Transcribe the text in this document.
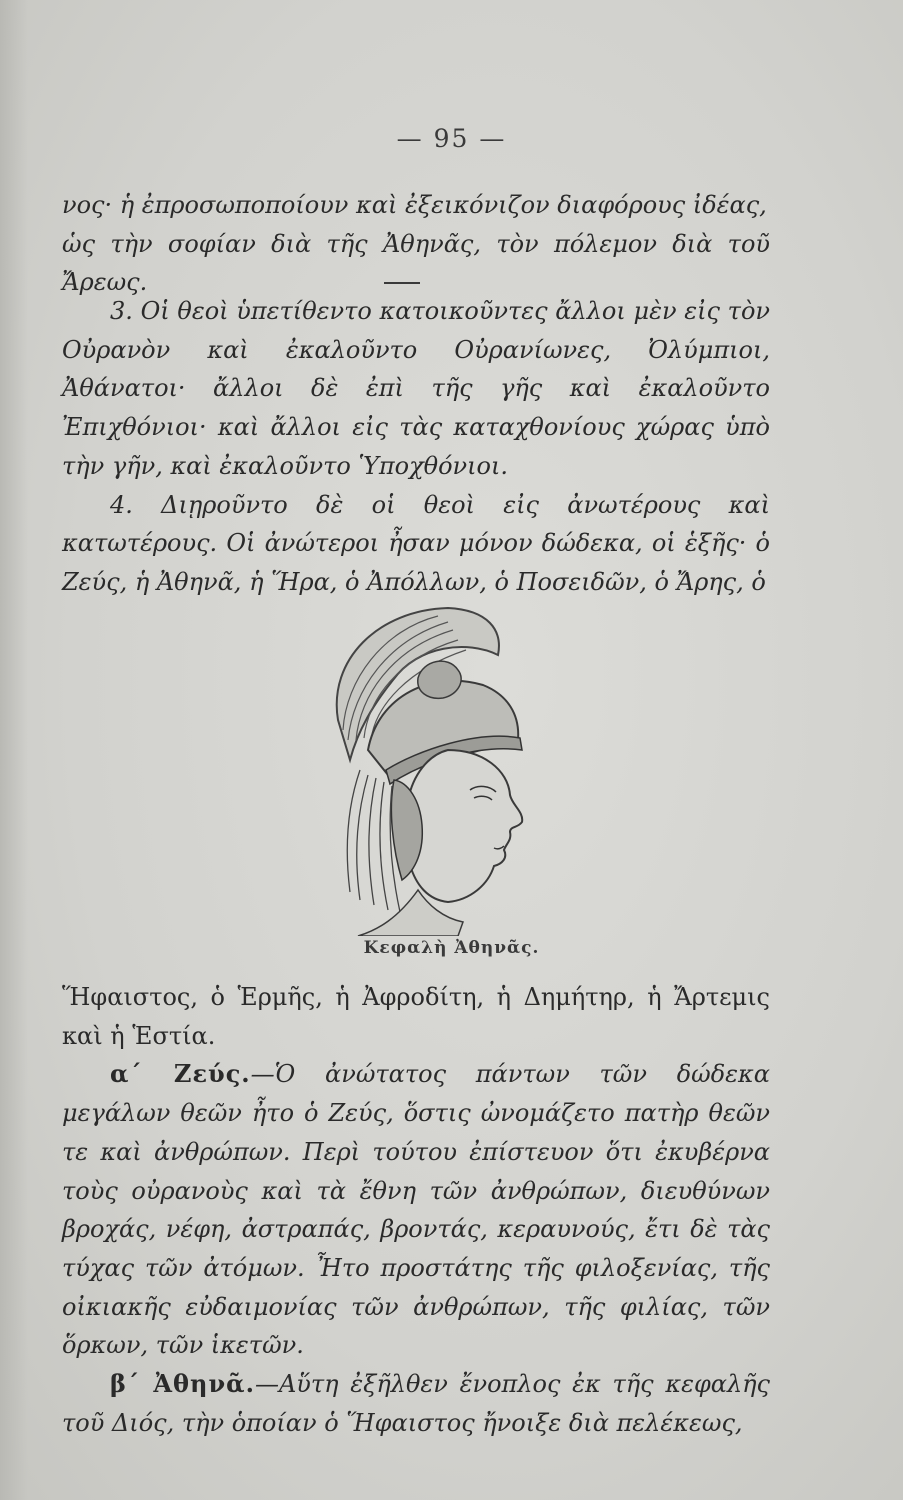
— 95 —

νος· ἡ ἐπροσωποποίουν καὶ ἐξεικόνιζον διαφόρους ἰδέας,

ὡς τὴν σοφίαν διὰ τῆς Ἀθηνᾶς, τὸν πόλεμον διὰ τοῦ Ἄρεως.

3. Οἱ θεοὶ ὑπετίθεντο κατοικοῦντες ἄλλοι μὲν εἰς τὸν Οὐρανὸν καὶ ἐκαλοῦντο Οὐρανίωνες, Ὀλύμπιοι, Ἀθάνατοι· ἄλλοι δὲ ἐπὶ τῆς γῆς καὶ ἐκαλοῦντο Ἐπιχθόνιοι· καὶ ἄλλοι εἰς τὰς καταχθονίους χώρας ὑπὸ τὴν γῆν, καὶ ἐκαλοῦντο Ὑποχθόνιοι.

4. Διῃροῦντο δὲ οἱ θεοὶ εἰς ἀνωτέρους καὶ κατωτέρους. Οἱ ἀνώτεροι ἦσαν μόνον δώδεκα, οἱ ἑξῆς· ὁ Ζεύς, ἡ Ἀθηνᾶ, ἡ Ἥρα, ὁ Ἀπόλλων, ὁ Ποσειδῶν, ὁ Ἄρης, ὁ

Κεφαλὴ Ἀθηνᾶς.

Ἥφαιστος, ὁ Ἑρμῆς, ἡ Ἀφροδίτη, ἡ Δημήτηρ, ἡ Ἄρτεμις καὶ ἡ Ἑστία.

α΄ Ζεύς.—Ὁ ἀνώτατος πάντων τῶν δώδεκα μεγάλων θεῶν ἦτο ὁ Ζεύς, ὅστις ὠνομάζετο πατὴρ θεῶν τε καὶ ἀνθρώπων. Περὶ τούτου ἐπίστευον ὅτι ἐκυβέρνα τοὺς οὐρανοὺς καὶ τὰ ἔθνη τῶν ἀνθρώπων, διευθύνων βροχάς, νέφη, ἀστραπάς, βροντάς, κεραυνούς, ἔτι δὲ τὰς τύχας τῶν ἀτόμων. Ἦτο προστάτης τῆς φιλοξενίας, τῆς οἰκιακῆς εὐδαιμονίας τῶν ἀνθρώπων, τῆς φιλίας, τῶν ὅρκων, τῶν ἱκετῶν.

β΄ Ἀθηνᾶ.—Αὕτη ἐξῆλθεν ἔνοπλος ἐκ τῆς κεφαλῆς τοῦ Διός, τὴν ὁποίαν ὁ Ἥφαιστος ἤνοιξε διὰ πελέκεως,
